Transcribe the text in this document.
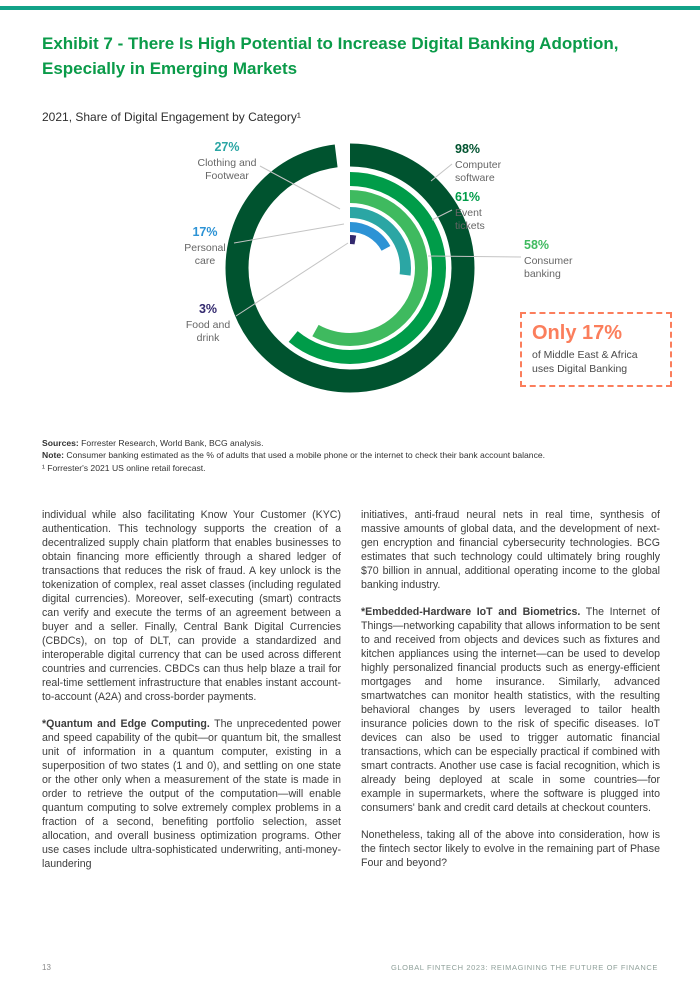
Exhibit 7 - There Is High Potential to Increase Digital Banking Adoption, Especially in Emerging Markets
2021, Share of Digital Engagement by Category¹
27%
Clothing and Footwear
17%
Personal care
3%
Food and drink
98%
Computer software
61%
Event tickets
58%
Consumer banking
Only 17%
of Middle East & Africa uses Digital Banking
Sources: Forrester Research, World Bank, BCG analysis.
Note: Consumer banking estimated as the % of adults that used a mobile phone or the internet to check their bank account balance.
¹ Forrester's 2021 US online retail forecast.

individual while also facilitating Know Your Customer (KYC) authentication. This technology supports the creation of a decentralized supply chain platform that enables businesses to obtain financing more efficiently through a shared ledger of transactions that reduces the risk of fraud. A key unlock is the tokenization of complex, real asset classes (including regulated digital currencies). Moreover, self-executing (smart) contracts can verify and execute the terms of an agreement between a buyer and a seller. Finally, Central Bank Digital Currencies (CBDCs), on top of DLT, can provide a standardized and interoperable digital currency that can be used across different countries and currencies. CBDCs can thus help blaze a trail for real-time settlement infrastructure that enables instant account-to-account (A2A) and cross-border payments.

*Quantum and Edge Computing. The unprecedented power and speed capability of the qubit—or quantum bit, the smallest unit of information in a quantum computer, existing in a superposition of two states (1 and 0), and settling on one state or the other only when a measurement of the state is made in order to retrieve the output of the computation—will enable quantum computing to solve extremely complex problems in a fraction of a second, benefiting portfolio selection, asset allocation, and overall business optimization programs. Other use cases include ultra-sophisticated underwriting, anti-money-laundering

initiatives, anti-fraud neural nets in real time, synthesis of massive amounts of global data, and the development of next-gen encryption and financial cybersecurity technologies. BCG estimates that such technology could ultimately bring roughly $70 billion in annual, additional operating income to the global banking industry.

*Embedded-Hardware IoT and Biometrics. The Internet of Things—networking capability that allows information to be sent to and received from objects and devices such as fixtures and kitchen appliances using the internet—can be used to develop highly personalized financial products such as energy-efficient mortgages and home insurance. Similarly, advanced smartwatches can monitor health statistics, with the resulting behavioral changes by users leveraged to tailor health insurance policies down to the risk of specific diseases. IoT devices can also be used to trigger automatic financial transactions, which can be especially practical if combined with smart contracts. Another use case is facial recognition, which is already being deployed at scale in some countries—for example in supermarkets, where the software is plugged into consumers' bank and credit card details at checkout counters.

Nonetheless, taking all of the above into consideration, how is the fintech sector likely to evolve in the remaining part of Phase Four and beyond?

13	GLOBAL FINTECH 2023: REIMAGINING THE FUTURE OF FINANCE
